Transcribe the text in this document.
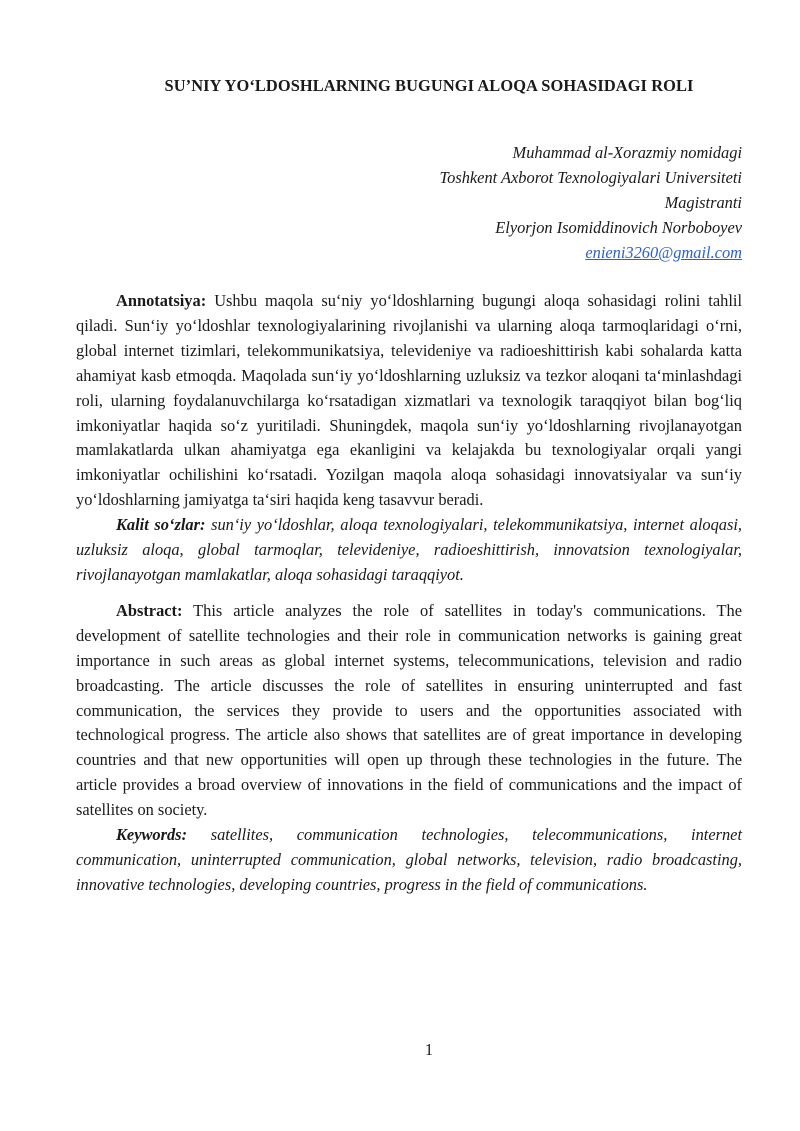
SU’NIY YO‘LDOSHLARNING BUGUNGI ALOQA SOHASIDAGI ROLI
Muhammad al-Xorazmiy nomidagi
Toshkent Axborot Texnologiyalari Universiteti
Magistranti
Elyorjon Isomiddinovich Norboboyev
enieni3260@gmail.com

Annotatsiya: Ushbu maqola su‘niy yo‘ldoshlarning bugungi aloqa sohasidagi rolini tahlil qiladi. Sun‘iy yo‘ldoshlar texnologiyalarining rivojlanishi va ularning aloqa tarmoqlaridagi o‘rni, global internet tizimlari, telekommunikatsiya, televideniye va radioeshittirish kabi sohalarda katta ahamiyat kasb etmoqda. Maqolada sun‘iy yo‘ldoshlarning uzluksiz va tezkor aloqani ta‘minlashdagi roli, ularning foydalanuvchilarga ko‘rsatadigan xizmatlari va texnologik taraqqiyot bilan bog‘liq imkoniyatlar haqida so‘z yuritiladi. Shuningdek, maqola sun‘iy yo‘ldoshlarning rivojlanayotgan mamlakatlarda ulkan ahamiyatga ega ekanligini va kelajakda bu texnologiyalar orqali yangi imkoniyatlar ochilishini ko‘rsatadi. Yozilgan maqola aloqa sohasidagi innovatsiyalar va sun‘iy yo‘ldoshlarning jamiyatga ta‘siri haqida keng tasavvur beradi.

Kalit so‘zlar: sun‘iy yo‘ldoshlar, aloqa texnologiyalari, telekommunikatsiya, internet aloqasi, uzluksiz aloqa, global tarmoqlar, televideniye, radioeshittirish, innovatsion texnologiyalar, rivojlanayotgan mamlakatlar, aloqa sohasidagi taraqqiyot.

Abstract: This article analyzes the role of satellites in today's communications. The development of satellite technologies and their role in communication networks is gaining great importance in such areas as global internet systems, telecommunications, television and radio broadcasting. The article discusses the role of satellites in ensuring uninterrupted and fast communication, the services they provide to users and the opportunities associated with technological progress. The article also shows that satellites are of great importance in developing countries and that new opportunities will open up through these technologies in the future. The article provides a broad overview of innovations in the field of communications and the impact of satellites on society.

Keywords: satellites, communication technologies, telecommunications, internet communication, uninterrupted communication, global networks, television, radio broadcasting, innovative technologies, developing countries, progress in the field of communications.

1
